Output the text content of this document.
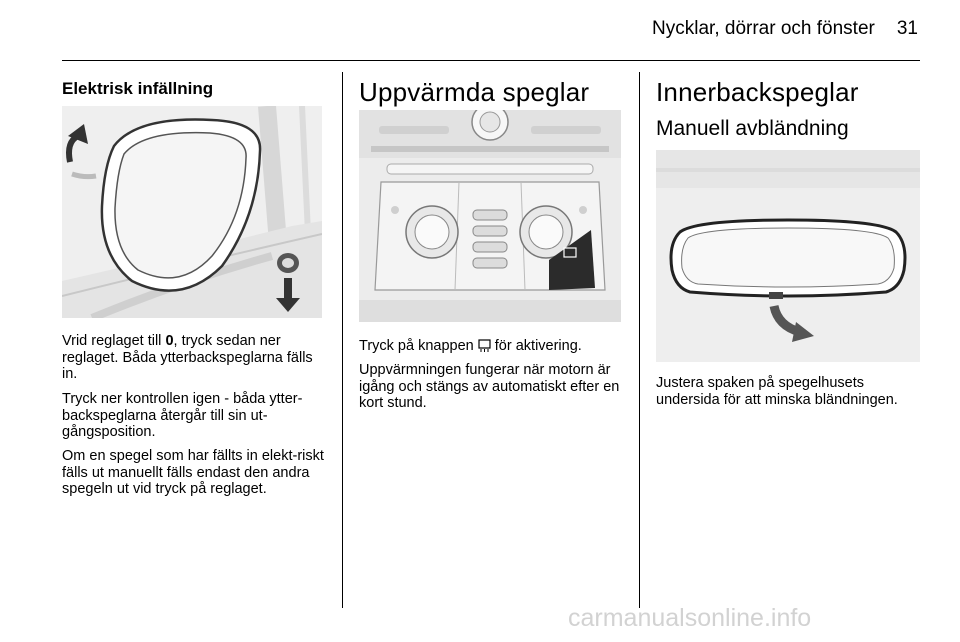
Nycklar, dörrar och fönster 31
Elektrisk infällning

Vrid reglaget till 0, tryck sedan ner reglaget. Båda ytterbackspeglarna fälls in.

Tryck ner kontrollen igen - båda ytter-backspeglarna återgår till sin ut-gångsposition.

Om en spegel som har fällts in elekt-riskt fälls ut manuellt fälls endast den andra spegeln ut vid tryck på reglaget.

Uppvärmda speglar

Tryck på knappen  för aktivering.

Uppvärmningen fungerar när motorn är igång och stängs av automatiskt efter en kort stund.

Innerbackspeglar
Manuell avbländning

Justera spaken på spegelhusets undersida för att minska bländningen.

carmanualsonline.info
